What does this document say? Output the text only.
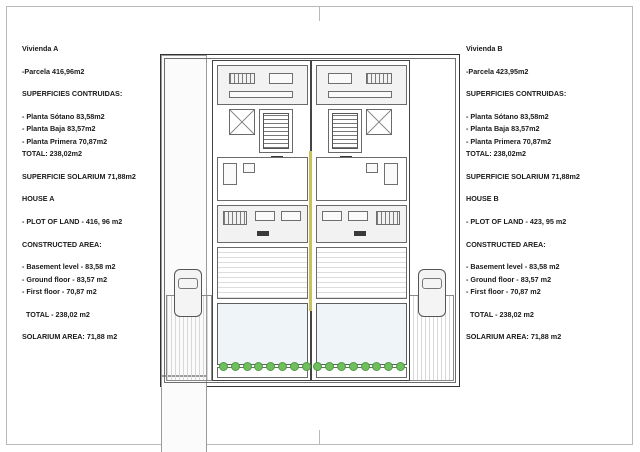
Vivienda A
-Parcela 416,96m2
SUPERFICIES CONTRUIDAS:
- Planta Sótano 83,58m2
- Planta Baja 83,57m2
- Planta Primera 70,87m2
TOTAL: 238,02m2
SUPERFICIE SOLARIUM 71,88m2
HOUSE A
- PLOT OF LAND - 416, 96 m2
CONSTRUCTED AREA:
- Basement level - 83,58 m2
- Ground floor - 83,57 m2
- First floor - 70,87 m2
TOTAL - 238,02 m2
SOLARIUM AREA: 71,88 m2
Vivienda B
-Parcela 423,95m2
SUPERFICIES CONTRUIDAS:
- Planta Sótano 83,58m2
- Planta Baja 83,57m2
- Planta Primera 70,87m2
TOTAL: 238,02m2
SUPERFICIE SOLARIUM 71,88m2
HOUSE B
- PLOT OF LAND - 423, 95 m2
CONSTRUCTED AREA:
- Basement level - 83,58 m2
- Ground floor - 83,57 m2
- First floor - 70,87 m2
TOTAL - 238,02 m2
SOLARIUM AREA: 71,88 m2
